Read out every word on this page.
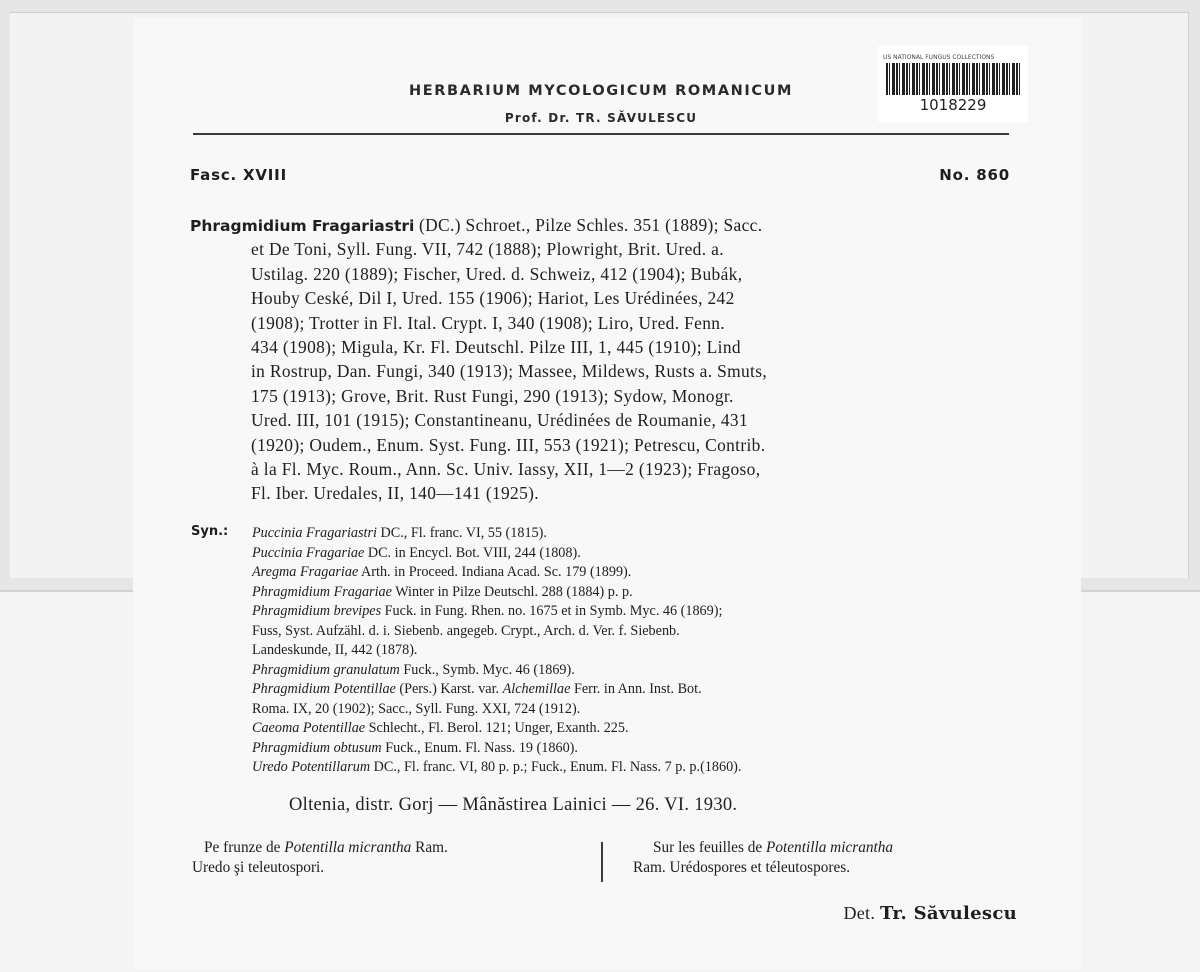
US NATIONAL FUNGUS COLLECTIONS
1018229
HERBARIUM MYCOLOGICUM ROMANICUM
Prof. Dr. TR. SĂVULESCU
Fasc. XVIII	No. 860
Phragmidium Fragariastri (DC.) Schroet., Pilze Schles. 351 (1889); Sacc.
et De Toni, Syll. Fung. VII, 742 (1888); Plowright, Brit. Ured. a.
Ustilag. 220 (1889); Fischer, Ured. d. Schweiz, 412 (1904); Bubák,
Houby Ceské, Dil I, Ured. 155 (1906); Hariot, Les Urédinées, 242
(1908); Trotter in Fl. Ital. Crypt. I, 340 (1908); Liro, Ured. Fenn.
434 (1908); Migula, Kr. Fl. Deutschl. Pilze III, 1, 445 (1910); Lind
in Rostrup, Dan. Fungi, 340 (1913); Massee, Mildews, Rusts a. Smuts,
175 (1913); Grove, Brit. Rust Fungi, 290 (1913); Sydow, Monogr.
Ured. III, 101 (1915); Constantineanu, Urédinées de Roumanie, 431
(1920); Oudem., Enum. Syst. Fung. III, 553 (1921); Petrescu, Contrib.
à la Fl. Myc. Roum., Ann. Sc. Univ. Iassy, XII, 1—2 (1923); Fragoso,
Fl. Iber. Uredales, II, 140—141 (1925).
Syn.: Puccinia Fragariastri DC., Fl. franc. VI, 55 (1815).
Puccinia Fragariae DC. in Encycl. Bot. VIII, 244 (1808).
Aregma Fragariae Arth. in Proceed. Indiana Acad. Sc. 179 (1899).
Phragmidium Fragariae Winter in Pilze Deutschl. 288 (1884) p. p.
Phragmidium brevipes Fuck. in Fung. Rhen. no. 1675 et in Symb. Myc. 46 (1869);
Fuss, Syst. Aufzähl. d. i. Siebenb. angegeb. Crypt., Arch. d. Ver. f. Siebenb.
Landeskunde, II, 442 (1878).
Phragmidium granulatum Fuck., Symb. Myc. 46 (1869).
Phragmidium Potentillae (Pers.) Karst. var. Alchemillae Ferr. in Ann. Inst. Bot.
Roma. IX, 20 (1902); Sacc., Syll. Fung. XXI, 724 (1912).
Caeoma Potentillae Schlecht., Fl. Berol. 121; Unger, Exanth. 225.
Phragmidium obtusum Fuck., Enum. Fl. Nass. 19 (1860).
Uredo Potentillarum DC., Fl. franc. VI, 80 p. p.; Fuck., Enum. Fl. Nass. 7 p. p.(1860).
Oltenia, distr. Gorj — Mânăstirea Lainici — 26. VI. 1930.
Pe frunze de Potentilla micrantha Ram.
Uredo şi teleutospori.
Sur les feuilles de Potentilla micrantha
Ram. Urédospores et téleutospores.
Det. Tr. Săvulescu
